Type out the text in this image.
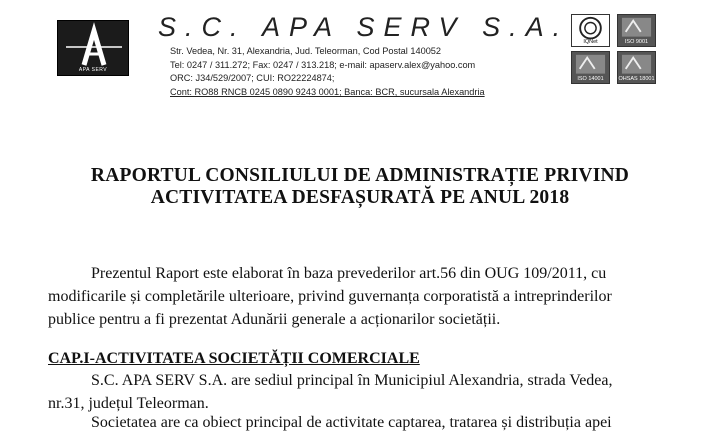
APA SERV
S.C. APA SERV S.A.
Str. Vedea, Nr. 31, Alexandria, Jud. Teleorman, Cod Postal 140052
Tel: 0247 / 311.272; Fax: 0247 / 313.218; e-mail: apaserv.alex@yahoo.com
ORC: J34/529/2007; CUI: RO22224874;
Cont: RO88 RNCB 0245 0890 9243 0001; Banca: BCR, sucursala Alexandria
IQNet	ISO 9001
ISO 14001	OHSAS 18001
RAPORTUL CONSILIULUI DE ADMINISTRAȚIE PRIVIND
ACTIVITATEA DESFAȘURATĂ PE ANUL 2018
Prezentul Raport este elaborat în baza prevederilor art.56 din OUG 109/2011, cu
modificarile și completările ulterioare, privind guvernanța corporatistă a intreprinderilor
publice pentru a fi prezentat Adunării generale a acționarilor societății.
CAP.I-ACTIVITATEA SOCIETĂȚII COMERCIALE
S.C. APA SERV S.A. are sediul principal în Municipiul Alexandria, strada Vedea,
nr.31, județul Teleorman.
Societatea are ca obiect principal de activitate captarea, tratarea și distribuția apei
